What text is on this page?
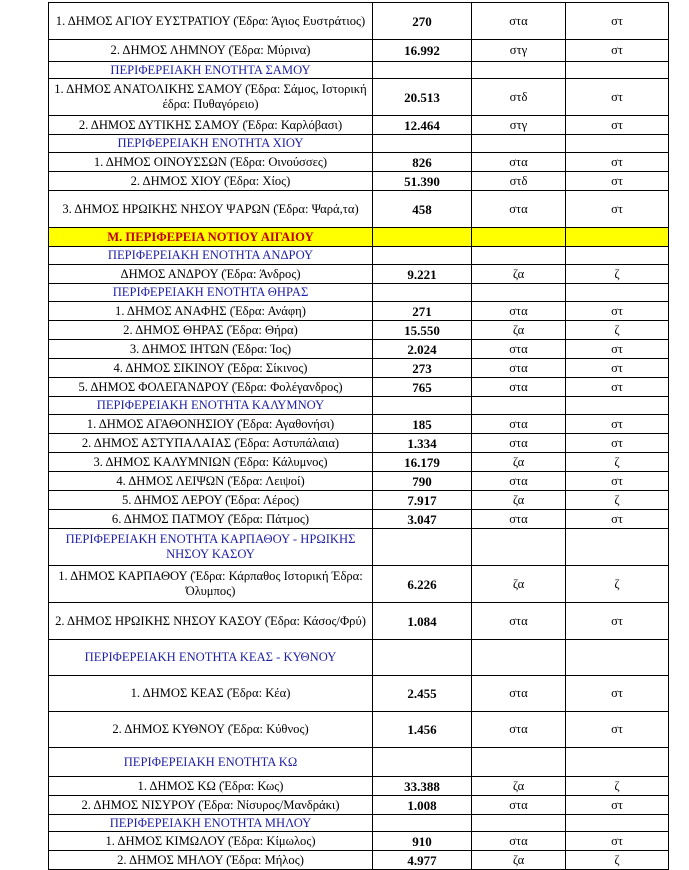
1. ΔΗΜΟΣ ΑΓΙΟΥ ΕΥΣΤΡΑΤΙΟΥ (Έδρα: Άγιος Ευστράτιος)	270	στα	στ
2. ΔΗΜΟΣ ΛΗΜΝΟΥ (Έδρα: Μύρινα)	16.992	στγ	στ
ΠΕΡΙΦΕΡΕΙΑΚΗ ΕΝΟΤΗΤΑ ΣΑΜΟΥ			
1. ΔΗΜΟΣ ΑΝΑΤΟΛΙΚΗΣ ΣΑΜΟΥ (Έδρα: Σάμος, Ιστορική έδρα: Πυθαγόρειο)	20.513	στδ	στ
2. ΔΗΜΟΣ ΔΥΤΙΚΗΣ ΣΑΜΟΥ (Έδρα: Καρλόβασι)	12.464	στγ	στ
ΠΕΡΙΦΕΡΕΙΑΚΗ ΕΝΟΤΗΤΑ ΧΙΟΥ			
1. ΔΗΜΟΣ ΟΙΝΟΥΣΣΩΝ (Έδρα: Οινούσσες)	826	στα	στ
2. ΔΗΜΟΣ ΧΙΟΥ (Έδρα: Χίος)	51.390	στδ	στ
3. ΔΗΜΟΣ ΗΡΩΙΚΗΣ ΝΗΣΟΥ ΨΑΡΩΝ (Έδρα: Ψαρά,τα)	458	στα	στ
Μ. ΠΕΡΙΦΕΡΕΙΑ ΝΟΤΙΟΥ ΑΙΓΑΙΟΥ			
ΠΕΡΙΦΕΡΕΙΑΚΗ ΕΝΟΤΗΤΑ ΑΝΔΡΟΥ			
ΔΗΜΟΣ ΑΝΔΡΟΥ (Έδρα: Άνδρος)	9.221	ζα	ζ
ΠΕΡΙΦΕΡΕΙΑΚΗ ΕΝΟΤΗΤΑ ΘΗΡΑΣ			
1. ΔΗΜΟΣ ΑΝΑΦΗΣ (Έδρα: Ανάφη)	271	στα	στ
2. ΔΗΜΟΣ ΘΗΡΑΣ (Έδρα: Θήρα)	15.550	ζα	ζ
3. ΔΗΜΟΣ ΙΗΤΩΝ (Έδρα: Ίος)	2.024	στα	στ
4. ΔΗΜΟΣ ΣΙΚΙΝΟΥ (Έδρα: Σίκινος)	273	στα	στ
5. ΔΗΜΟΣ ΦΟΛΕΓΑΝΔΡΟΥ (Έδρα: Φολέγανδρος)	765	στα	στ
ΠΕΡΙΦΕΡΕΙΑΚΗ ΕΝΟΤΗΤΑ ΚΑΛΥΜΝΟΥ			
1. ΔΗΜΟΣ ΑΓΑΘΟΝΗΣΙΟΥ (Έδρα: Αγαθονήσι)	185	στα	στ
2. ΔΗΜΟΣ ΑΣΤΥΠΑΛΑΙΑΣ (Έδρα: Αστυπάλαια)	1.334	στα	στ
3. ΔΗΜΟΣ ΚΑΛΥΜΝΙΩΝ (Έδρα: Κάλυμνος)	16.179	ζα	ζ
4. ΔΗΜΟΣ ΛΕΙΨΩΝ (Έδρα: Λειψοί)	790	στα	στ
5. ΔΗΜΟΣ ΛΕΡΟΥ (Έδρα: Λέρος)	7.917	ζα	ζ
6. ΔΗΜΟΣ ΠΑΤΜΟΥ (Έδρα: Πάτμος)	3.047	στα	στ
ΠΕΡΙΦΕΡΕΙΑΚΗ ΕΝΟΤΗΤΑ ΚΑΡΠΑΘΟΥ - ΗΡΩΙΚΗΣ ΝΗΣΟΥ ΚΑΣΟΥ			
1. ΔΗΜΟΣ ΚΑΡΠΑΘΟΥ (Έδρα: Κάρπαθος Ιστορική Έδρα: Όλυμπος)	6.226	ζα	ζ
2. ΔΗΜΟΣ ΗΡΩΙΚΗΣ ΝΗΣΟΥ ΚΑΣΟΥ (Έδρα: Κάσος/Φρύ)	1.084	στα	στ
ΠΕΡΙΦΕΡΕΙΑΚΗ ΕΝΟΤΗΤΑ ΚΕΑΣ - ΚΥΘΝΟΥ			
1. ΔΗΜΟΣ ΚΕΑΣ (Έδρα: Κέα)	2.455	στα	στ
2. ΔΗΜΟΣ ΚΥΘΝΟΥ (Έδρα: Κύθνος)	1.456	στα	στ
ΠΕΡΙΦΕΡΕΙΑΚΗ ΕΝΟΤΗΤΑ ΚΩ			
1. ΔΗΜΟΣ ΚΩ (Έδρα: Κως)	33.388	ζα	ζ
2. ΔΗΜΟΣ ΝΙΣΥΡΟΥ (Έδρα: Νίσυρος/Μανδράκι)	1.008	στα	στ
ΠΕΡΙΦΕΡΕΙΑΚΗ ΕΝΟΤΗΤΑ ΜΗΛΟΥ			
1. ΔΗΜΟΣ ΚΙΜΩΛΟΥ (Έδρα: Κίμωλος)	910	στα	στ
2. ΔΗΜΟΣ ΜΗΛΟΥ (Έδρα: Μήλος)	4.977	ζα	ζ
